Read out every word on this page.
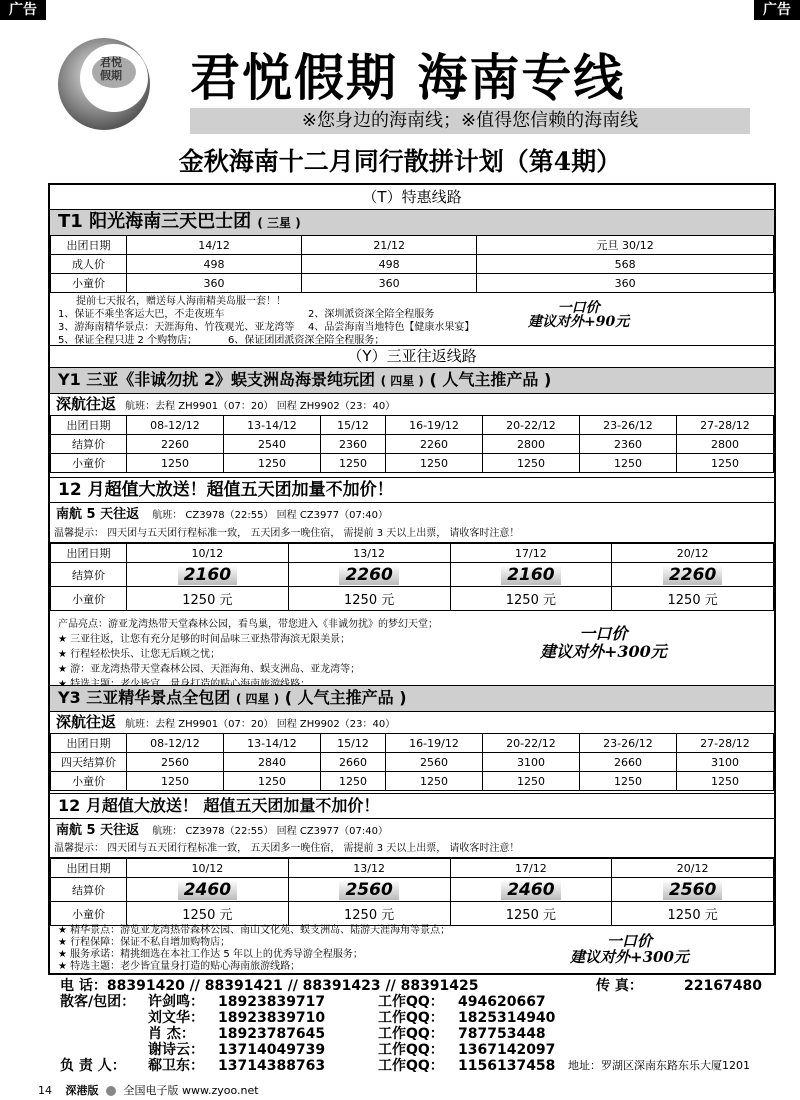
广告	广告
君悦
假期 君悦假期 海南专线
※您身边的海南线；※值得您信赖的海南线
金秋海南十二月同行散拼计划（第4期）
（T）特惠线路
T1 阳光海南三天巴士团 ( 三星 )
出团日期	14/12	21/12	元旦 30/12
成人价	498	498	568
小童价	360	360	360
提前七天报名，赠送每人海南精美岛服一套！！
1、保证不乘坐客运大巴，不走夜班车	2、深圳派资深全陪全程服务
3、游海南精华景点：天涯海角、竹筏观光、亚龙湾等	4、品尝海南当地特色【健康水果宴】
5、保证全程只进 2 个购物店；	6、保证团团派资深全陪全程服务；
一口价
建议对外+90元
（Y）三亚往返线路
Y1 三亚《非诚勿扰 2》蜈支洲岛海景纯玩团 ( 四星 ) ( 人气主推产品 )
深航往返 航班：去程 ZH9901（07：20） 回程 ZH9902（23：40）
出团日期	08-12/12	13-14/12	15/12	16-19/12	20-22/12	23-26/12	27-28/12
结算价	2260	2540	2360	2260	2800	2360	2800
小童价	1250	1250	1250	1250	1250	1250	1250
12 月超值大放送！超值五天团加量不加价！
南航 5 天往返 航班： CZ3978（22:55） 回程 CZ3977（07:40）
温馨提示： 四天团与五天团行程标准一致， 五天团多一晚住宿， 需提前 3 天以上出票， 请收客时注意！
出团日期	10/12	13/12	17/12	20/12
结算价	2160	2260	2160	2260
小童价	1250 元	1250 元	1250 元	1250 元
产品亮点：游亚龙湾热带天堂森林公园，看鸟巢，带您进入《非诚勿扰》的梦幻天堂；
★ 三亚往返，让您有充分足够的时间品味三亚热带海滨无限美景；
★ 行程轻松快乐、让您无后顾之忧；
★ 游：亚龙湾热带天堂森林公园、天涯海角、蜈支洲岛、亚龙湾等；
一口价
建议对外+300元
Y3 三亚精华景点全包团 ( 四星 ) ( 人气主推产品 )
深航往返 航班：去程 ZH9901（07：20） 回程 ZH9902（23：40）
出团日期	08-12/12	13-14/12	15/12	16-19/12	20-22/12	23-26/12	27-28/12
四天结算价	2560	2840	2660	2560	3100	2660	3100
小童价	1250	1250	1250	1250	1250	1250	1250
12 月超值大放送！ 超值五天团加量不加价！
南航 5 天往返 航班： CZ3978（22:55） 回程 CZ3977（07:40）
温馨提示： 四天团与五天团行程标准一致， 五天团多一晚住宿， 需提前 3 天以上出票， 请收客时注意！
出团日期	10/12	13/12	17/12	20/12
结算价	2460	2560	2460	2560
小童价	1250 元	1250 元	1250 元	1250 元
★ 精华景点：游览亚龙湾热带森林公园、南山文化苑、蜈支洲岛、陆游天涯海角等景点；
★ 行程保障：保证不私自增加购物店；
★ 服务承诺：精挑细选在本社工作达 5 年以上的优秀导游全程服务；
★ 特选主题：老少皆宜量身打造的贴心海南旅游线路；
一口价
建议对外+300元
电 话：88391420 // 88391421 // 88391423 // 88391425	传 真：	22167480
散客/包团： 许剑鸣： 18923839717	工作QQ： 494620667
刘文华： 18923839710	工作QQ： 1825314940
肖 杰： 18923787645	工作QQ： 787753448
谢诗云： 13714049739	工作QQ： 1367142097
负 责 人： 郗卫东： 13714388763	工作QQ： 1156137458 地址：罗湖区深南东路东乐大厦1201
14 深港版 全国电子版 www.zyoo.net
